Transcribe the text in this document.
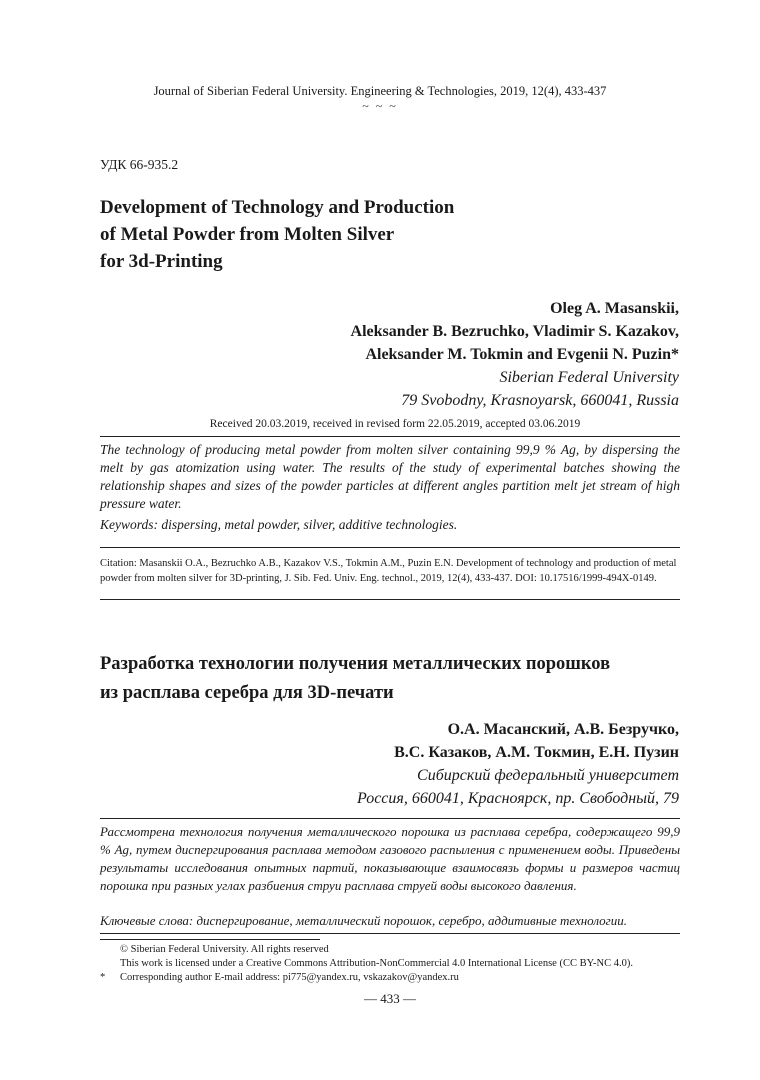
Journal of Siberian Federal University. Engineering & Technologies, 2019, 12(4), 433-437
~ ~ ~
УДК 66-935.2
Development of Technology and Production
of Metal Powder from Molten Silver
for 3d-Printing
Oleg A. Masanskii,
Aleksander B. Bezruchko, Vladimir S. Kazakov,
Aleksander M. Tokmin and Evgenii N. Puzin*
Siberian Federal University
79 Svobodny, Krasnoyarsk, 660041, Russia
Received 20.03.2019, received in revised form 22.05.2019, accepted 03.06.2019
The technology of producing metal powder from molten silver containing 99,9 % Ag, by dispersing the melt by gas atomization using water. The results of the study of experimental batches showing the relationship shapes and sizes of the powder particles at different angles partition melt jet stream of high pressure water.
Keywords: dispersing, metal powder, silver, additive technologies.
Citation: Masanskii O.A., Bezruchko A.B., Kazakov V.S., Tokmin A.M., Puzin E.N. Development of technology and production of metal powder from molten silver for 3D-printing, J. Sib. Fed. Univ. Eng. technol., 2019, 12(4), 433-437. DOI: 10.17516/1999-494X-0149.
Разработка технологии получения металлических порошков
из расплава серебра для 3D-печати
О.А. Масанский, А.В. Безручко,
В.С. Казаков, А.М. Токмин, Е.Н. Пузин
Сибирский федеральный университет
Россия, 660041, Красноярск, пр. Свободный, 79
Рассмотрена технология получения металлического порошка из расплава серебра, содержащего 99,9 % Ag, путем диспергирования расплава методом газового распыления с применением воды. Приведены результаты исследования опытных партий, показывающие взаимосвязь формы и размеров частиц порошка при разных углах разбиения струи расплава струей воды высокого давления.
Ключевые слова: диспергирование, металлический порошок, серебро, аддитивные технологии.
© Siberian Federal University. All rights reserved
This work is licensed under a Creative Commons Attribution-NonCommercial 4.0 International License (CC BY-NC 4.0).
* Corresponding author E-mail address: pi775@yandex.ru, vskazakov@yandex.ru
— 433 —
